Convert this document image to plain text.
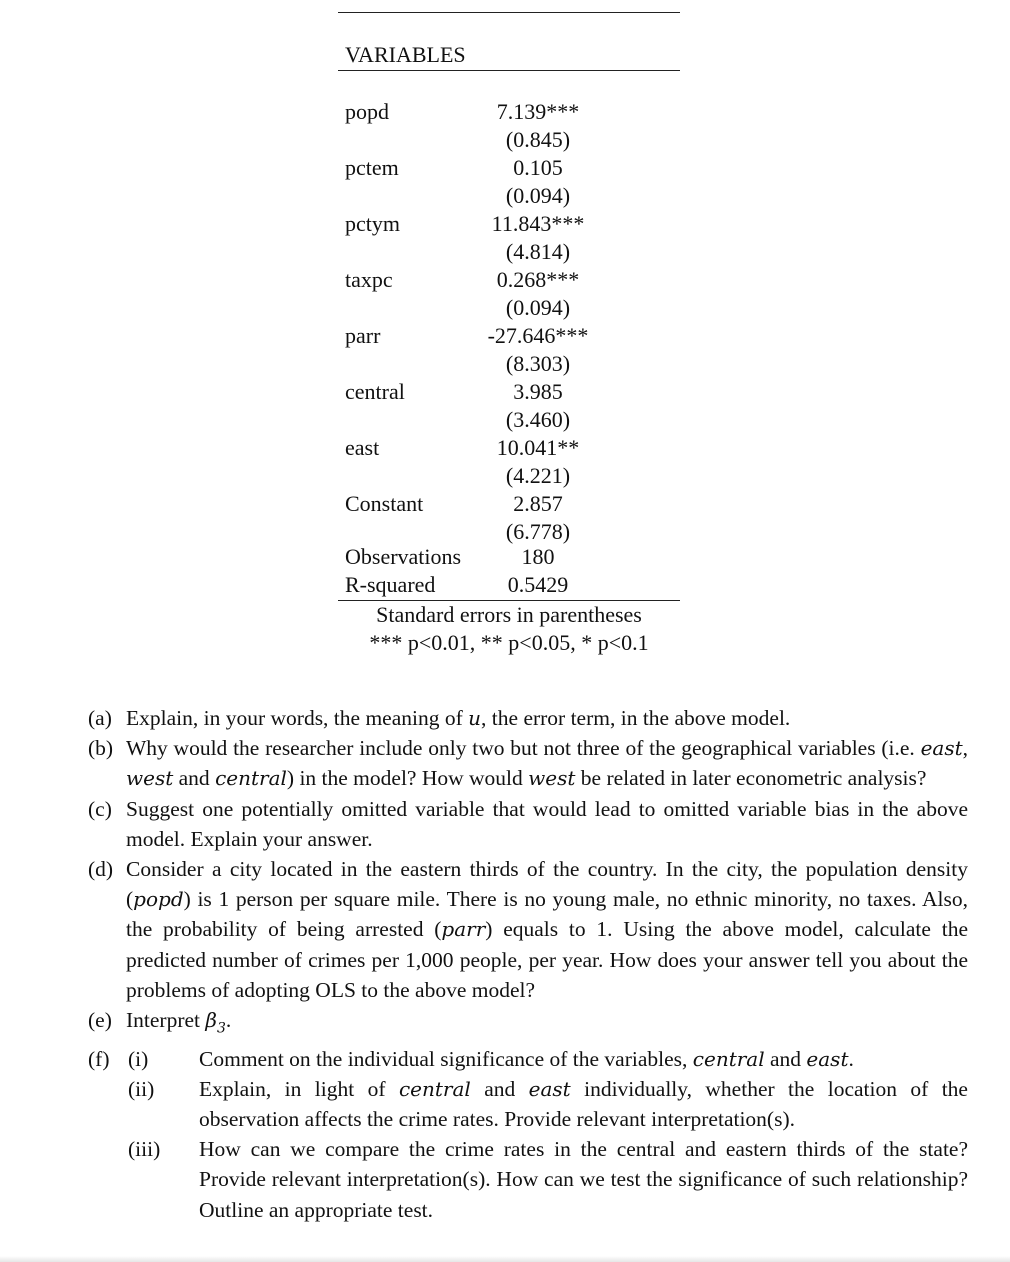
VARIABLES
popd	7.139***
(0.845)
pctem	0.105
(0.094)
pctym	11.843***
(4.814)
taxpc	0.268***
(0.094)
parr	-27.646***
(8.303)
central	3.985
(3.460)
east	10.041**
(4.221)
Constant	2.857
(6.778)
Observations	180
R-squared	0.5429
Standard errors in parentheses
*** p<0.01, ** p<0.05, * p<0.1
(a) Explain, in your words, the meaning of u, the error term, in the above model.
(b) Why would the researcher include only two but not three of the geographical variables (i.e. east, west and central) in the model? How would west be related in later econometric analysis?
(c) Suggest one potentially omitted variable that would lead to omitted variable bias in the above model. Explain your answer.
(d) Consider a city located in the eastern thirds of the country. In the city, the population density (popd) is 1 person per square mile. There is no young male, no ethnic minority, no taxes. Also, the probability of being arrested (parr) equals to 1. Using the above model, calculate the predicted number of crimes per 1,000 people, per year. How does your answer tell you about the problems of adopting OLS to the above model?
(e) Interpret $\beta_3$.
(f) (i) Comment on the individual significance of the variables, central and east.
(ii) Explain, in light of central and east individually, whether the location of the observation affects the crime rates. Provide relevant interpretation(s).
(iii) How can we compare the crime rates in the central and eastern thirds of the state? Provide relevant interpretation(s). How can we test the significance of such relationship? Outline an appropriate test.
